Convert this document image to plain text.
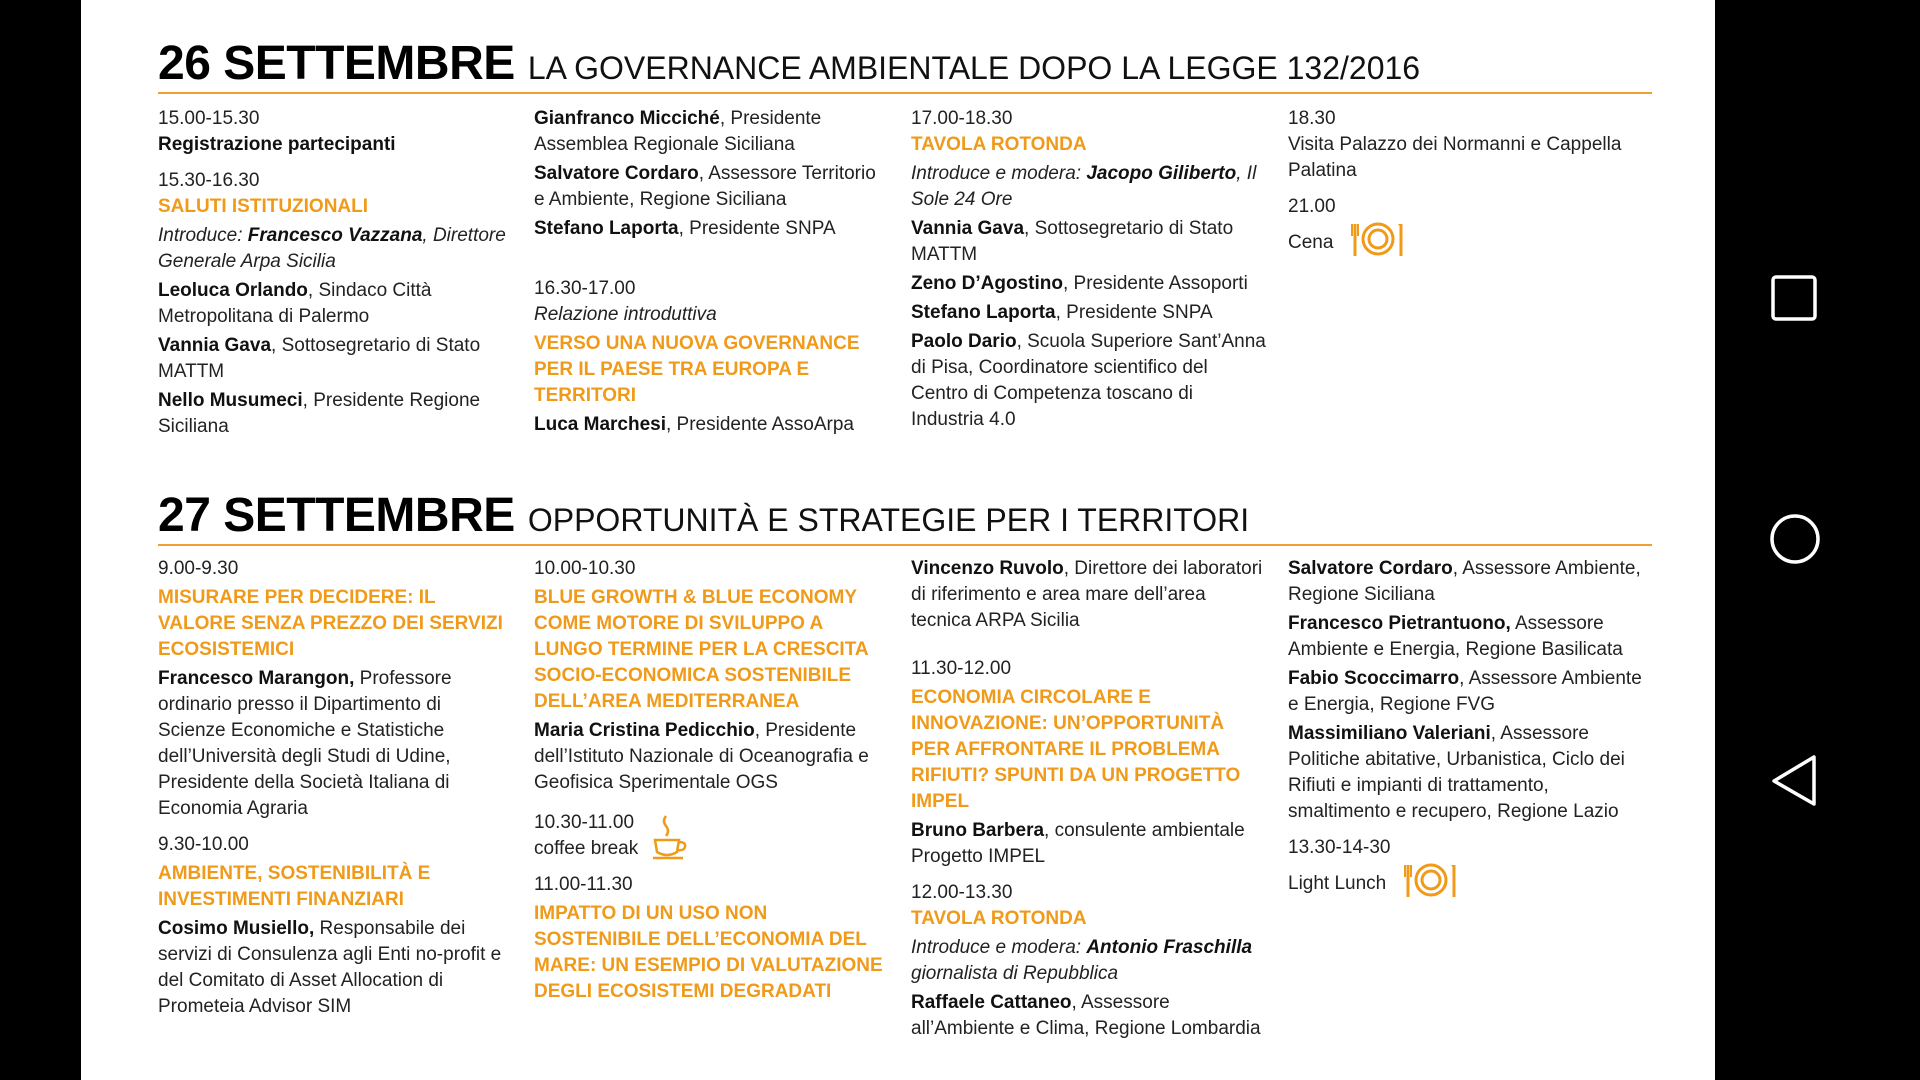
26 SETTEMBRE LA GOVERNANCE AMBIENTALE DOPO LA LEGGE 132/2016
15.00-15.30
Registrazione partecipanti
15.30-16.30
SALUTI ISTITUZIONALI
Introduce: Francesco Vazzana, Direttore Generale Arpa Sicilia
Leoluca Orlando, Sindaco Città Metropolitana di Palermo
Vannia Gava, Sottosegretario di Stato MATTM
Nello Musumeci, Presidente Regione Siciliana
Gianfranco Micciché, Presidente Assemblea Regionale Siciliana
Salvatore Cordaro, Assessore Territorio e Ambiente, Regione Siciliana
Stefano Laporta, Presidente SNPA
16.30-17.00
Relazione introduttiva
VERSO UNA NUOVA GOVERNANCE PER IL PAESE TRA EUROPA E TERRITORI
Luca Marchesi, Presidente AssoArpa
17.00-18.30
TAVOLA ROTONDA
Introduce e modera: Jacopo Giliberto, Il Sole 24 Ore
Vannia Gava, Sottosegretario di Stato MATTM
Zeno D’Agostino, Presidente Assoporti
Stefano Laporta, Presidente SNPA
Paolo Dario, Scuola Superiore Sant’Anna di Pisa, Coordinatore scientifico del Centro di Competenza toscano di Industria 4.0
18.30
Visita Palazzo dei Normanni e Cappella Palatina
21.00
Cena
27 SETTEMBRE OPPORTUNITÀ E STRATEGIE PER I TERRITORI
9.00-9.30
MISURARE PER DECIDERE: IL VALORE SENZA PREZZO DEI SERVIZI ECOSISTEMICI
Francesco Marangon, Professore ordinario presso il Dipartimento di Scienze Economiche e Statistiche dell’Università degli Studi di Udine, Presidente della Società Italiana di Economia Agraria
9.30-10.00
AMBIENTE, SOSTENIBILITÀ E INVESTIMENTI FINANZIARI
Cosimo Musiello, Responsabile dei servizi di Consulenza agli Enti no-profit e del Comitato di Asset Allocation di Prometeia Advisor SIM
10.00-10.30
BLUE GROWTH & BLUE ECONOMY COME MOTORE DI SVILUPPO A LUNGO TERMINE PER LA CRESCITA SOCIO-ECONOMICA SOSTENIBILE DELL’AREA MEDITERRANEA
Maria Cristina Pedicchio, Presidente dell’Istituto Nazionale di Oceanografia e Geofisica Sperimentale OGS
10.30-11.00
coffee break
11.00-11.30
IMPATTO DI UN USO NON SOSTENIBILE DELL’ECONOMIA DEL MARE: UN ESEMPIO DI VALUTAZIONE DEGLI ECOSISTEMI DEGRADATI
Vincenzo Ruvolo, Direttore dei laboratori di riferimento e area mare dell’area tecnica ARPA Sicilia
11.30-12.00
ECONOMIA CIRCOLARE E INNOVAZIONE: UN’OPPORTUNITÀ PER AFFRONTARE IL PROBLEMA RIFIUTI? SPUNTI DA UN PROGETTO IMPEL
Bruno Barbera, consulente ambientale Progetto IMPEL
12.00-13.30
TAVOLA ROTONDA
Introduce e modera: Antonio Fraschilla giornalista di Repubblica
Raffaele Cattaneo, Assessore all’Ambiente e Clima, Regione Lombardia
Salvatore Cordaro, Assessore Ambiente, Regione Siciliana
Francesco Pietrantuono, Assessore Ambiente e Energia, Regione Basilicata
Fabio Scoccimarro, Assessore Ambiente e Energia, Regione FVG
Massimiliano Valeriani, Assessore Politiche abitative, Urbanistica, Ciclo dei Rifiuti e impianti di trattamento, smaltimento e recupero, Regione Lazio
13.30-14-30
Light Lunch
